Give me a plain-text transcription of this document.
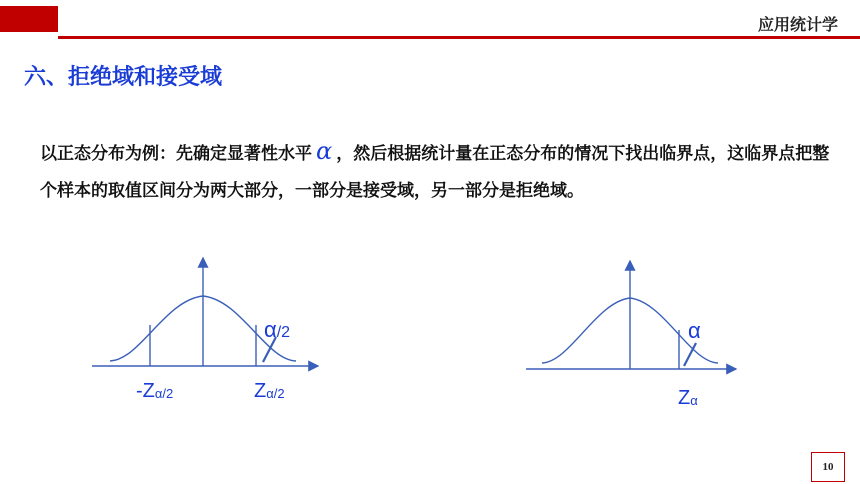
应用统计学
六、拒绝域和接受域
以正态分布为例：先确定显著性水平 α ，然后根据统计量在正态分布的情况下找出临界点，这临界点把整个样本的取值区间分为两大部分，一部分是接受域，另一部分是拒绝域。
α/2
-Zα/2	Zα/2
α
Zα
10
